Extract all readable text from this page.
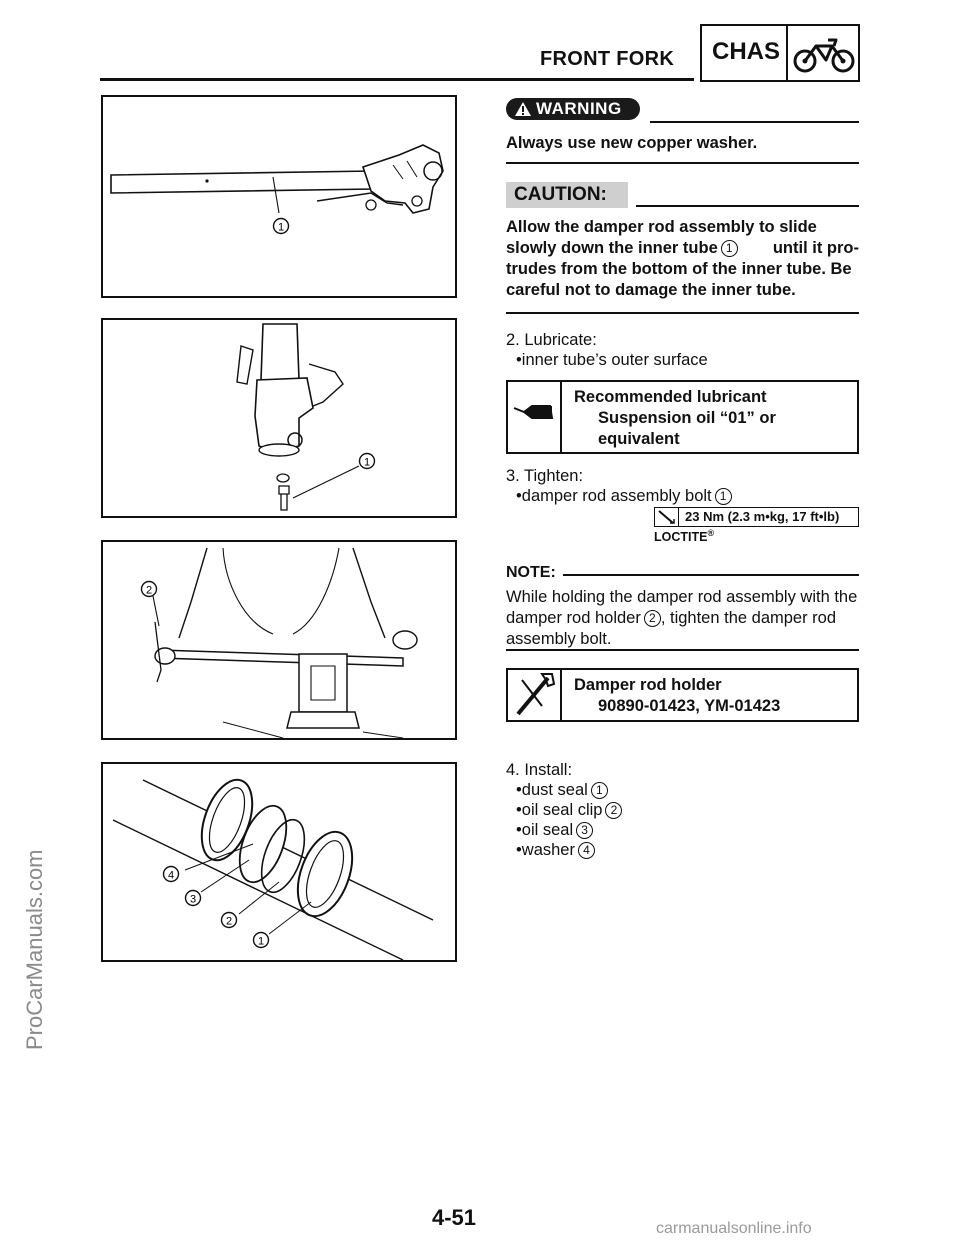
FRONT FORK CHAS
1
1
2
4
3
2
1
WARNING
Always use new copper washer.
CAUTION:
Allow the damper rod assembly to slide
slowly down the inner tube 1	until it pro-
trudes from the bottom of the inner tube. Be
careful not to damage the inner tube.
2. Lubricate:
•inner tube’s outer surface
Recommended lubricant
Suspension oil “01” or
equivalent
3. Tighten:
•damper rod assembly bolt 1
23 Nm (2.3 m•kg, 17 ft•lb)
LOCTITE®
NOTE:
While holding the damper rod assembly with the
damper rod holder 2 , tighten the damper rod
assembly bolt.
Damper rod holder
90890-01423, YM-01423
4. Install:
•dust seal 1
•oil seal clip 2
•oil seal 3
•washer 4
4-51
ProCarManuals.com
carmanualsonline.info
